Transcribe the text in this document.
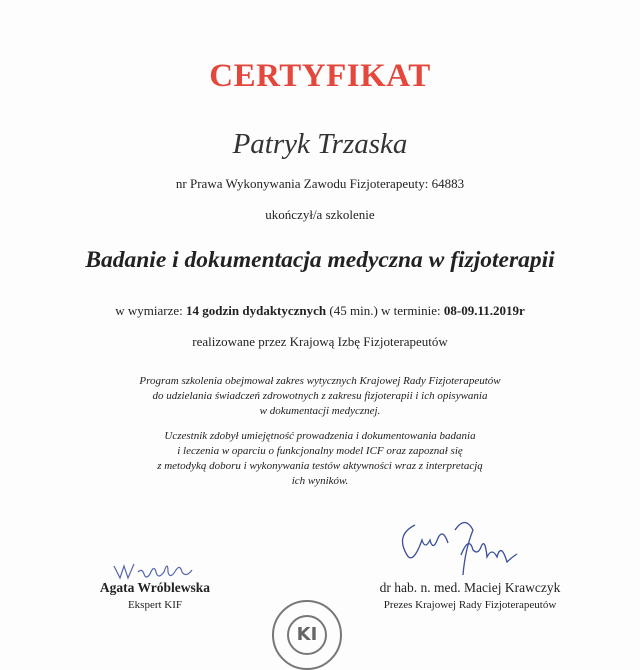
CERTYFIKAT
Patryk Trzaska
nr Prawa Wykonywania Zawodu Fizjoterapeuty: 64883
ukończył/a szkolenie
Badanie i dokumentacja medyczna w fizjoterapii
w wymiarze: 14 godzin dydaktycznych (45 min.) w terminie: 08-09.11.2019r
realizowane przez Krajową Izbę Fizjoterapeutów
Program szkolenia obejmował zakres wytycznych Krajowej Rady Fizjoterapeutów
do udzielania świadczeń zdrowotnych z zakresu fizjoterapii i ich opisywania
w dokumentacji medycznej.
Uczestnik zdobył umiejętność prowadzenia i dokumentowania badania
i leczenia w oparciu o funkcjonalny model ICF oraz zapoznał się
z metodyką doboru i wykonywania testów aktywności wraz z interpretacją
ich wyników.
Agata Wróblewska
Ekspert KIF
dr hab. n. med. Maciej Krawczyk
Prezes Krajowej Rady Fizjoterapeutów
KI
